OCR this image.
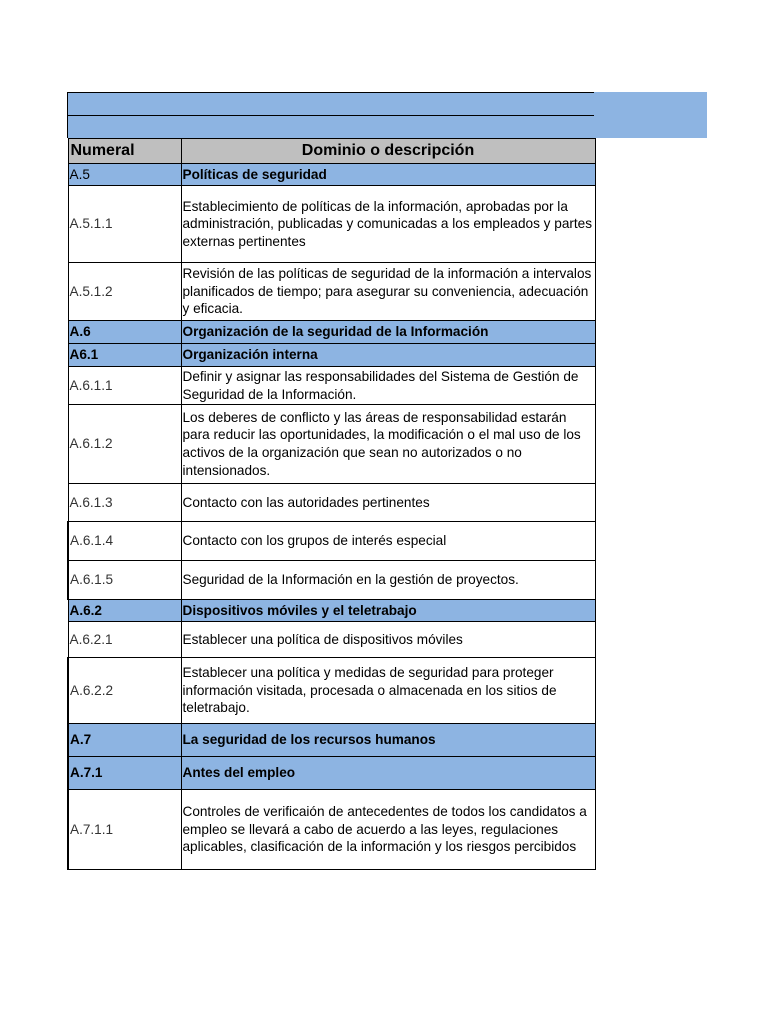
Numeral	Dominio o descripción
A.5	Políticas de seguridad
A.5.1.1	Establecimiento de políticas de la información, aprobadas por la administración, publicadas y comunicadas a los empleados y partes externas pertinentes
A.5.1.2	Revisión de las políticas de seguridad de la información a intervalos planificados de tiempo; para asegurar su conveniencia, adecuación y eficacia.
A.6	Organización de la seguridad de la Información
A6.1	Organización interna
A.6.1.1	Definir y asignar las responsabilidades del Sistema de Gestión de Seguridad de la Información.
A.6.1.2	Los deberes de conflicto y las áreas de responsabilidad estarán para reducir las oportunidades, la modificación o el mal uso de los activos de la organización que sean no autorizados o no intensionados.
A.6.1.3	Contacto con las autoridades pertinentes
A.6.1.4	Contacto con los grupos de interés especial
A.6.1.5	Seguridad de la Información en la gestión de proyectos.
A.6.2	Dispositivos móviles y el teletrabajo
A.6.2.1	Establecer una política de dispositivos móviles
A.6.2.2	Establecer una política y medidas de seguridad para proteger información visitada, procesada o almacenada en los sitios de teletrabajo.
A.7	La seguridad de los recursos humanos
A.7.1	Antes del empleo
A.7.1.1	Controles de verificaión de antecedentes de todos los candidatos a empleo se llevará a cabo de acuerdo a las leyes, regulaciones aplicables, clasificación de la información y los riesgos percibidos
